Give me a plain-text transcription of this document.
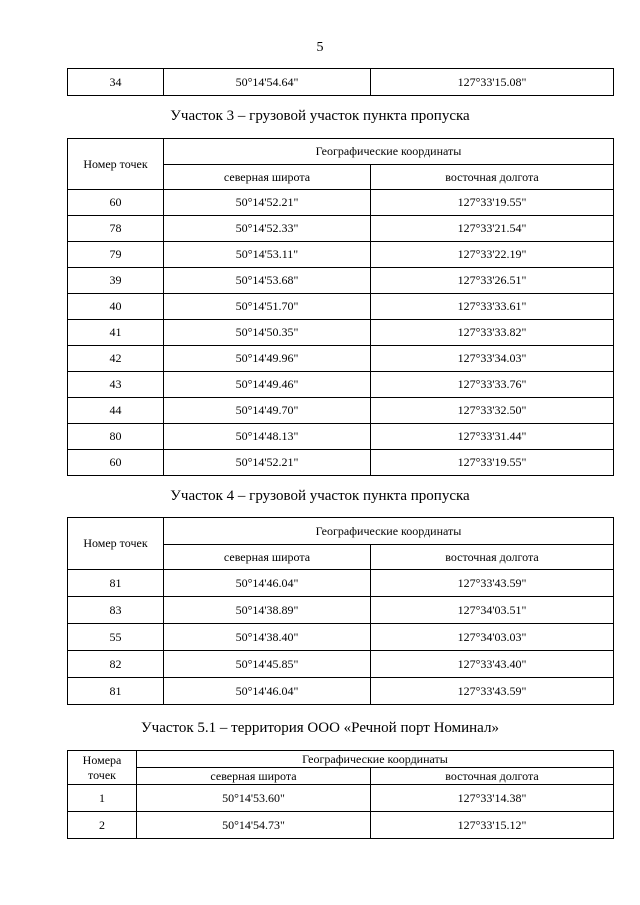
5
34	50°14'54.64"	127°33'15.08"
Участок 3 – грузовой участок пункта пропуска
Номер точек	Географические координаты	
	северная широта	восточная долгота
60	50°14'52.21"	127°33'19.55"
78	50°14'52.33"	127°33'21.54"
79	50°14'53.11"	127°33'22.19"
39	50°14'53.68"	127°33'26.51"
40	50°14'51.70"	127°33'33.61"
41	50°14'50.35"	127°33'33.82"
42	50°14'49.96"	127°33'34.03"
43	50°14'49.46"	127°33'33.76"
44	50°14'49.70"	127°33'32.50"
80	50°14'48.13"	127°33'31.44"
60	50°14'52.21"	127°33'19.55"
Участок 4 – грузовой участок пункта пропуска
Номер точек	Географические координаты	
	северная широта	восточная долгота
81	50°14'46.04"	127°33'43.59"
83	50°14'38.89"	127°34'03.51"
55	50°14'38.40"	127°34'03.03"
82	50°14'45.85"	127°33'43.40"
81	50°14'46.04"	127°33'43.59"
Участок 5.1 – территория ООО «Речной порт Номинал»
Номера
точек	Географические координаты	
	северная широта	восточная долгота
1	50°14'53.60"	127°33'14.38"
2	50°14'54.73"	127°33'15.12"
